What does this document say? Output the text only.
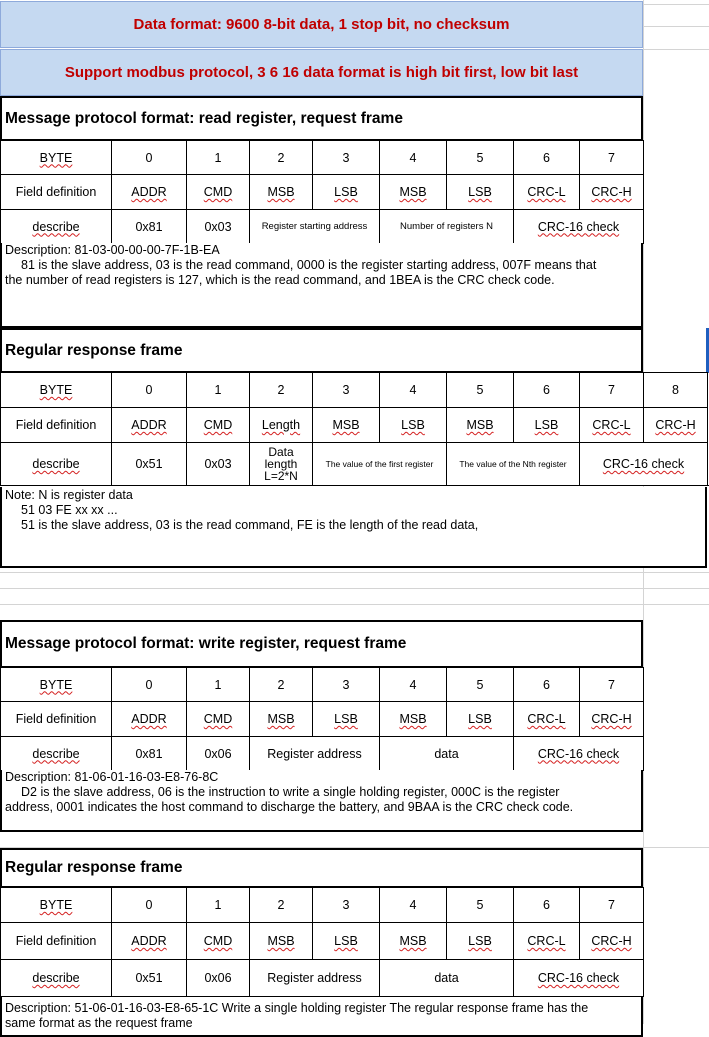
Data format: 9600 8-bit data, 1 stop bit, no checksum
Support modbus protocol, 3 6 16 data format is high bit first, low bit last
Message protocol format: read register, request frame
BYTE	0	1	2	3	4	5	6	7
Field definition	ADDR	CMD	MSB	LSB	MSB	LSB	CRC-L	CRC-H
describe	0x81	0x03	Register starting address		Number of registers N		CRC-16 check	
Description: 81-03-00-00-00-7F-1B-EA
81 is the slave address, 03 is the read command, 0000 is the register starting address, 007F means that
the number of read registers is 127, which is the read command, and 1BEA is the CRC check code.
Regular response frame
BYTE	0	1	2	3	4	5	6	7	8
Field definition	ADDR	CMD	Length	MSB	LSB	MSB	LSB	CRC-L	CRC-H
describe	0x51	0x03	Data length L=2*N	The value of the first register		The value of the Nth register		CRC-16 check	
Note: N is register data
51 03 FE xx xx ...
51 is the slave address, 03 is the read command, FE is the length of the read data,
Message protocol format: write register, request frame
BYTE	0	1	2	3	4	5	6	7
Field definition	ADDR	CMD	MSB	LSB	MSB	LSB	CRC-L	CRC-H
describe	0x81	0x06	Register address		data		CRC-16 check	
Description: 81-06-01-16-03-E8-76-8C
D2 is the slave address, 06 is the instruction to write a single holding register, 000C is the register
address, 0001 indicates the host command to discharge the battery, and 9BAA is the CRC check code.
Regular response frame
BYTE	0	1	2	3	4	5	6	7
Field definition	ADDR	CMD	MSB	LSB	MSB	LSB	CRC-L	CRC-H
describe	0x51	0x06	Register address		data		CRC-16 check	
Description: 51-06-01-16-03-E8-65-1C Write a single holding register The regular response frame has the
same format as the request frame
